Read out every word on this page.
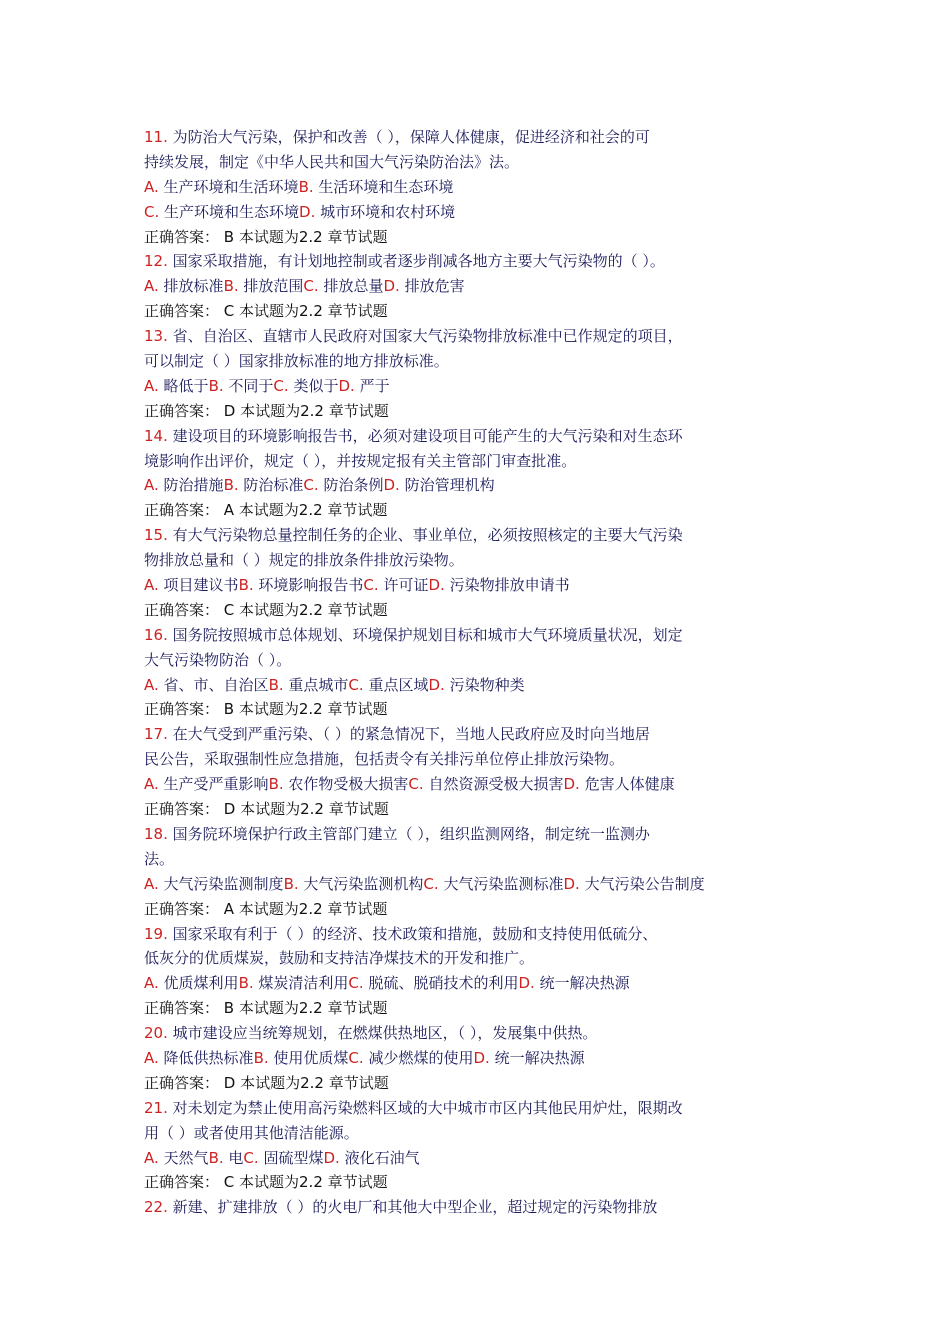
11. 为防治大气污染，保护和改善（ ），保障人体健康，促进经济和社会的可
持续发展，制定《中华人民共和国大气污染防治法》法。
A. 生产环境和生活环境B. 生活环境和生态环境
C. 生产环境和生态环境D. 城市环境和农村环境
正确答案： B 本试题为2.2 章节试题
12. 国家采取措施，有计划地控制或者逐步削减各地方主要大气污染物的（ ）。
A. 排放标准B. 排放范围C. 排放总量D. 排放危害
正确答案： C 本试题为2.2 章节试题
13. 省、自治区、直辖市人民政府对国家大气污染物排放标准中已作规定的项目，
可以制定（ ）国家排放标准的地方排放标准。
A. 略低于B. 不同于C. 类似于D. 严于
正确答案： D 本试题为2.2 章节试题
14. 建设项目的环境影响报告书，必须对建设项目可能产生的大气污染和对生态环
境影响作出评价，规定（ ），并按规定报有关主管部门审查批准。
A. 防治措施B. 防治标准C. 防治条例D. 防治管理机构
正确答案： A 本试题为2.2 章节试题
15. 有大气污染物总量控制任务的企业、事业单位，必须按照核定的主要大气污染
物排放总量和（ ）规定的排放条件排放污染物。
A. 项目建议书B. 环境影响报告书C. 许可证D. 污染物排放申请书
正确答案： C 本试题为2.2 章节试题
16. 国务院按照城市总体规划、环境保护规划目标和城市大气环境质量状况，划定
大气污染物防治（ ）。
A. 省、市、自治区B. 重点城市C. 重点区域D. 污染物种类
正确答案： B 本试题为2.2 章节试题
17. 在大气受到严重污染、（ ）的紧急情况下，当地人民政府应及时向当地居
民公告，采取强制性应急措施，包括责令有关排污单位停止排放污染物。
A. 生产受严重影响B. 农作物受极大损害C. 自然资源受极大损害D. 危害人体健康
正确答案： D 本试题为2.2 章节试题
18. 国务院环境保护行政主管部门建立（ ），组织监测网络，制定统一监测办
法。
A. 大气污染监测制度B. 大气污染监测机构C. 大气污染监测标准D. 大气污染公告制度
正确答案： A 本试题为2.2 章节试题
19. 国家采取有利于（ ）的经济、技术政策和措施，鼓励和支持使用低硫分、
低灰分的优质煤炭，鼓励和支持洁净煤技术的开发和推广。
A. 优质煤利用B. 煤炭清洁利用C. 脱硫、脱硝技术的利用D. 统一解决热源
正确答案： B 本试题为2.2 章节试题
20. 城市建设应当统筹规划，在燃煤供热地区，（ ），发展集中供热。
A. 降低供热标准B. 使用优质煤C. 减少燃煤的使用D. 统一解决热源
正确答案： D 本试题为2.2 章节试题
21. 对未划定为禁止使用高污染燃料区域的大中城市市区内其他民用炉灶，限期改
用（ ）或者使用其他清洁能源。
A. 天然气B. 电C. 固硫型煤D. 液化石油气
正确答案： C 本试题为2.2 章节试题
22. 新建、扩建排放（ ）的火电厂和其他大中型企业，超过规定的污染物排放
